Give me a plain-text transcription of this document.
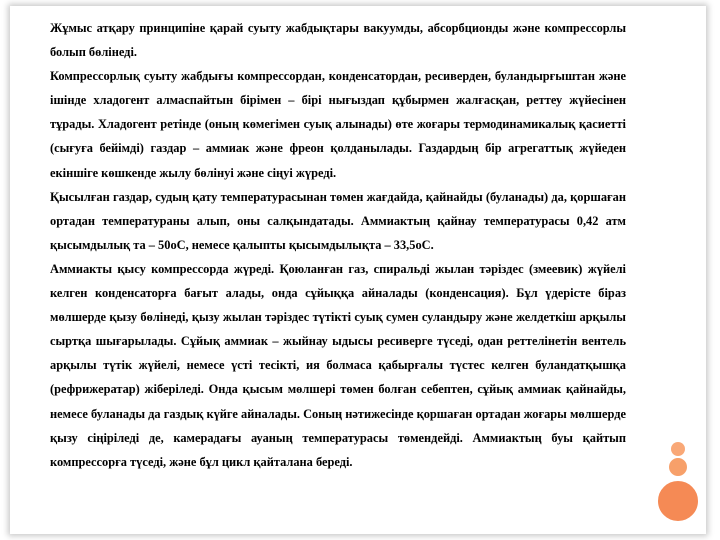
Жұмыс атқару принципіне қарай суыту жабдықтары вакуумды, абсорбционды және компрессорлы болып бөлінеді.

Компрессорлық суыту жабдығы компрессордан, конденсатордан, ресиверден, буландырғыштан және ішінде хладогент алмаспайтын бірімен – бірі нығыздап құбырмен жалғасқан, реттеу жүйесінен тұрады. Хладогент ретінде (оның көмегімен суық алынады) өте жоғары термодинамикалық қасиетті (сығуға бейімді) газдар – аммиак және фреон қолданылады. Газдардың бір агрегаттық жүйеден екіншіге көшкенде жылу бөлінуі және сіңуі жүреді.

Қысылған газдар, судың қату температурасынан төмен жағдайда, қайнайды (буланады) да, қоршаған ортадан температураны алып, оны салқындатады. Аммиактың қайнау температурасы 0,42 атм қысымдылық та – 50оС, немесе қалыпты қысымдылықта – 33,5оС.

Аммиакты қысу компрессорда жүреді. Қоюланған газ, спиральді жылан тәріздес (змеевик) жүйелі келген конденсаторға бағыт алады, онда сұйыққа айналады (конденсация). Бұл үдерісте біраз мөлшерде қызу бөлінеді, қызу жылан тәріздес түтікті суық сумен суландыру және желдеткіш арқылы сыртқа шығарылады. Сұйық аммиак – жыйнау ыдысы ресиверге түседі, одан реттелінетін вентель арқылы түтік жүйелі, немесе үсті тесікті, ия болмаса қабырғалы түстес келген буландатқышқа (рефрижератар) жіберіледі. Онда қысым мөлшері төмен болған себептен, сұйық аммиак қайнайды, немесе буланады да газдық күйге айналады. Соның нәтижесінде қоршаған ортадан жоғары мөлшерде қызу сіңіріледі де, камерадағы ауаның температурасы төмендейді. Аммиактың буы қайтып компрессорға түседі, және бұл цикл қайталана береді.
